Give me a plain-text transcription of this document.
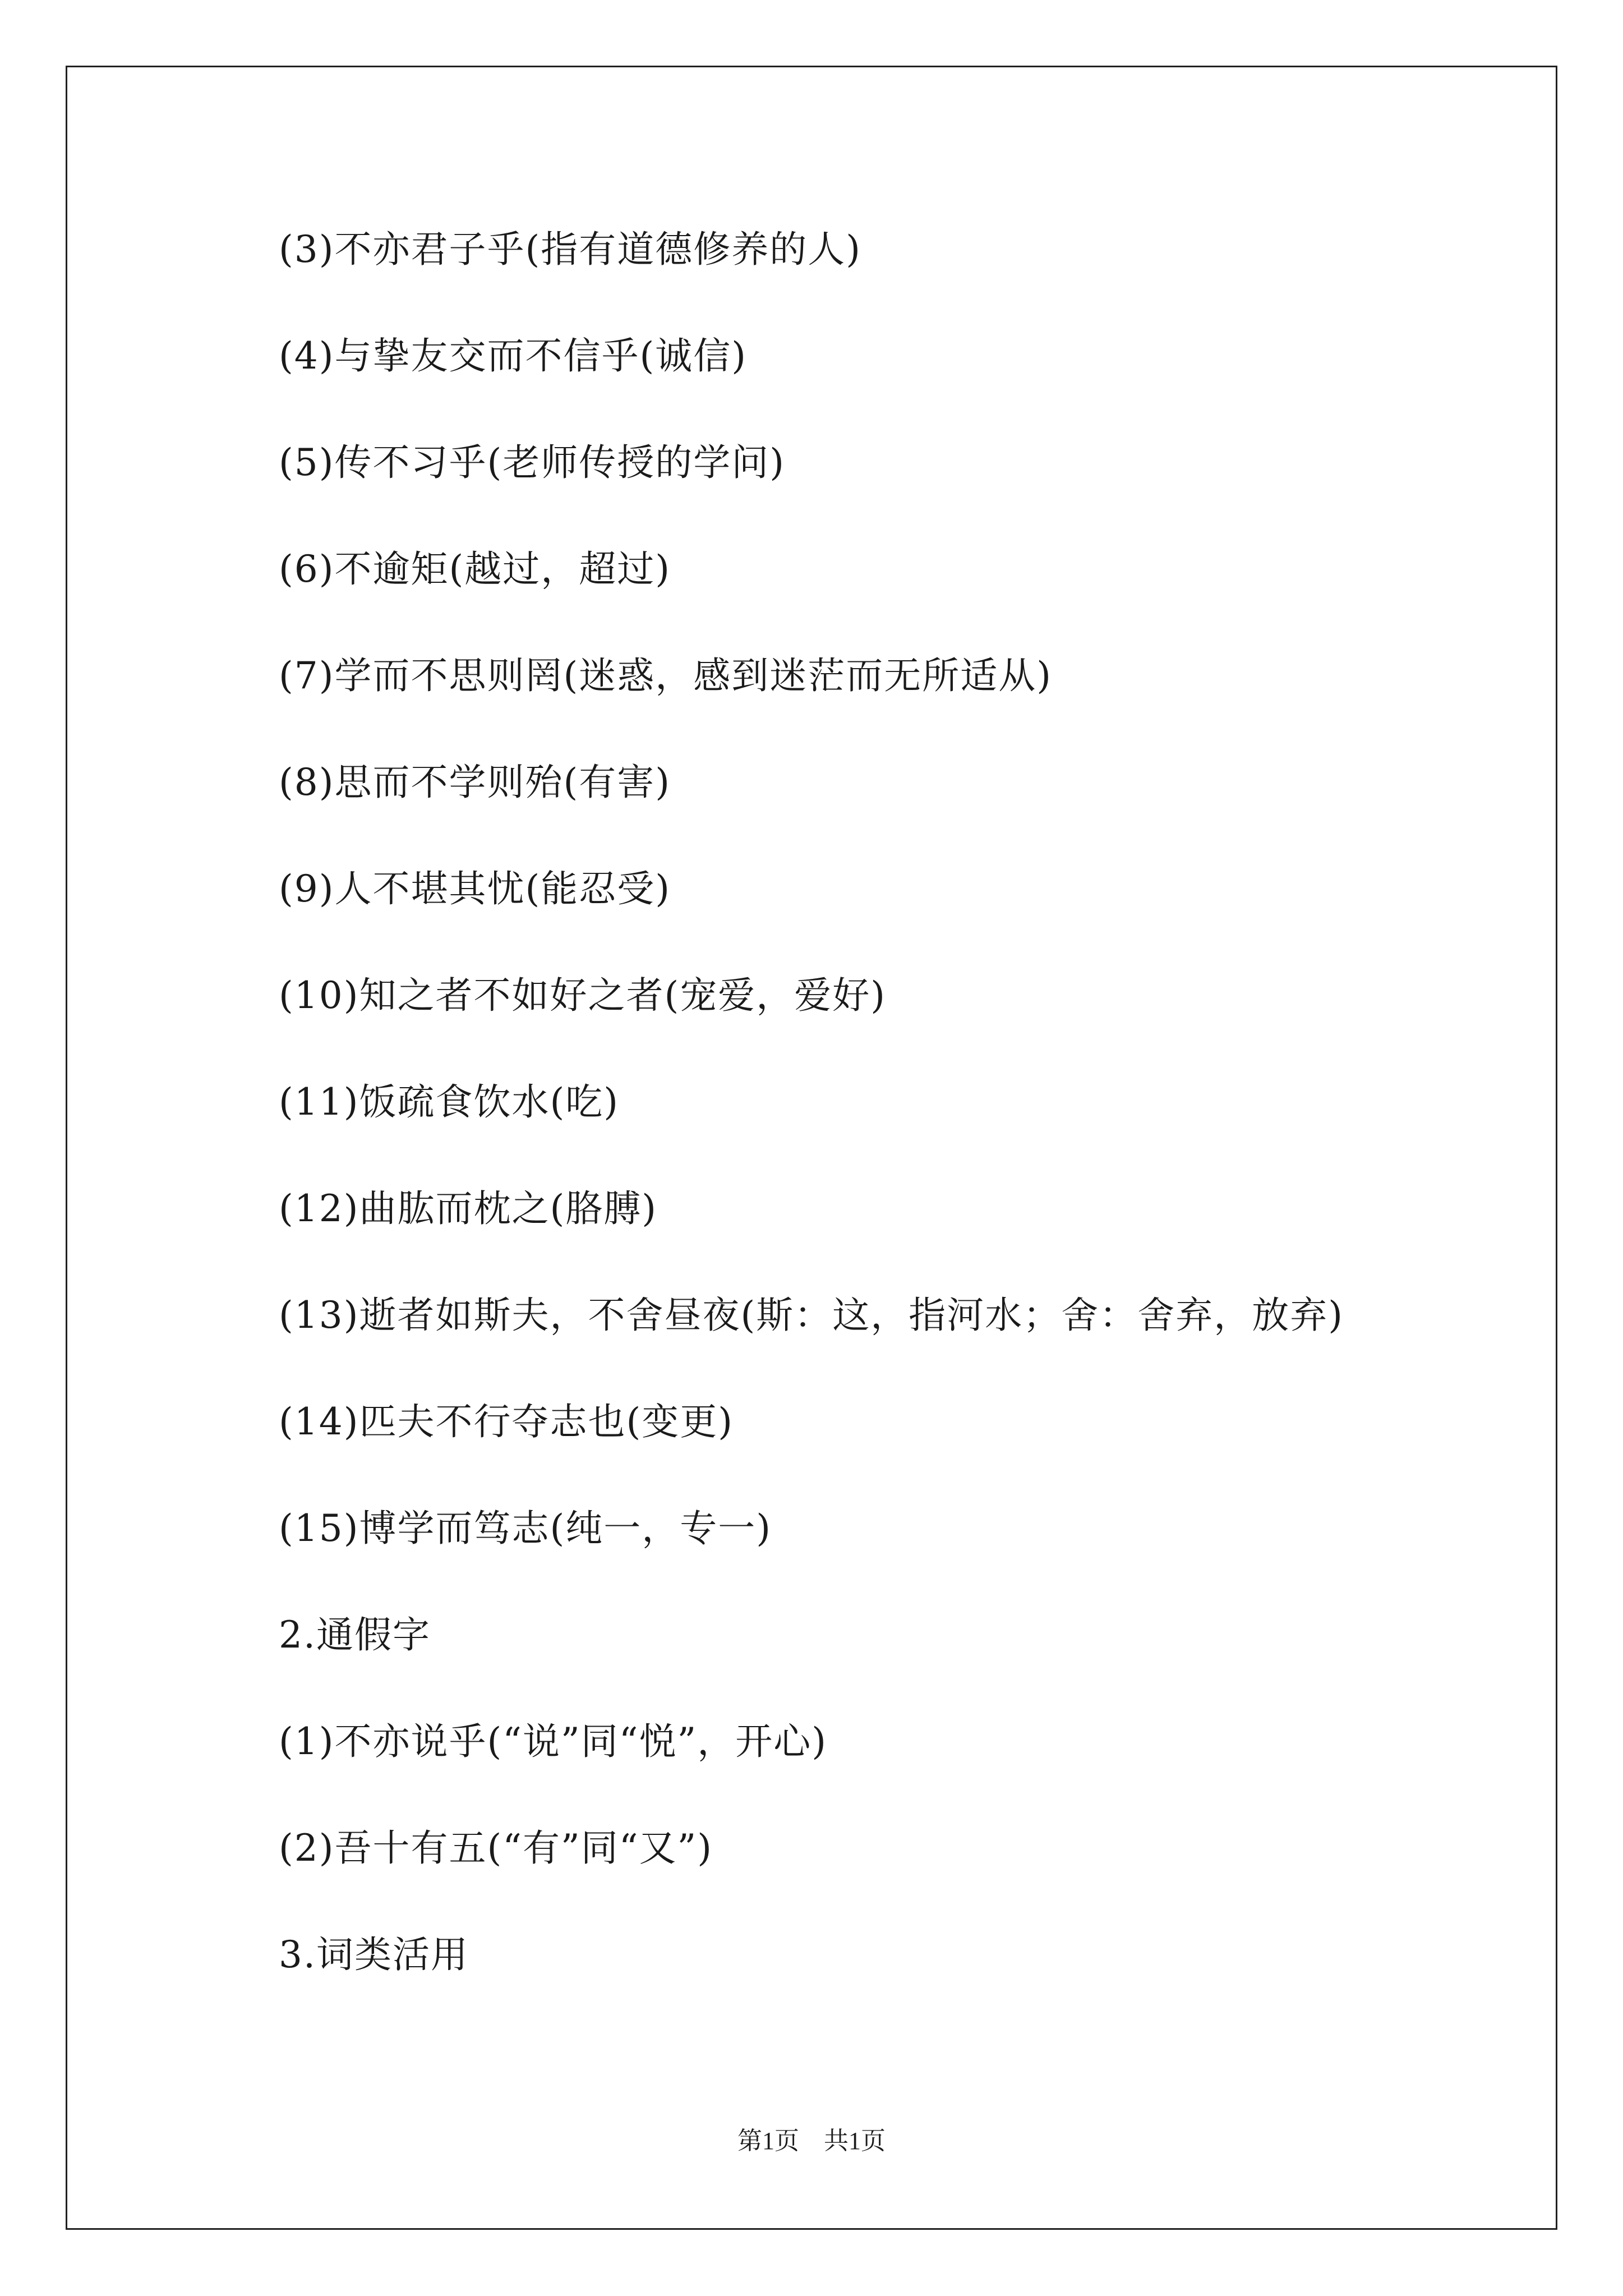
(3)不亦君子乎(指有道德修养的人)
(4)与挚友交而不信乎(诚信)
(5)传不习乎(老师传授的学问)
(6)不逾矩(越过，超过)
(7)学而不思则罔(迷惑，感到迷茫而无所适从)
(8)思而不学则殆(有害)
(9)人不堪其忧(能忍受)
(10)知之者不如好之者(宠爱，爱好)
(11)饭疏食饮水(吃)
(12)曲肱而枕之(胳膊)
(13)逝者如斯夫，不舍昼夜(斯：这，指河水；舍：舍弃，放弃)
(14)匹夫不行夺志也(变更)
(15)博学而笃志(纯一，专一)
2.通假字
(1)不亦说乎(“说”同“悦”，开心)
(2)吾十有五(“有”同“又”)
3.词类活用
第1页 共1页
